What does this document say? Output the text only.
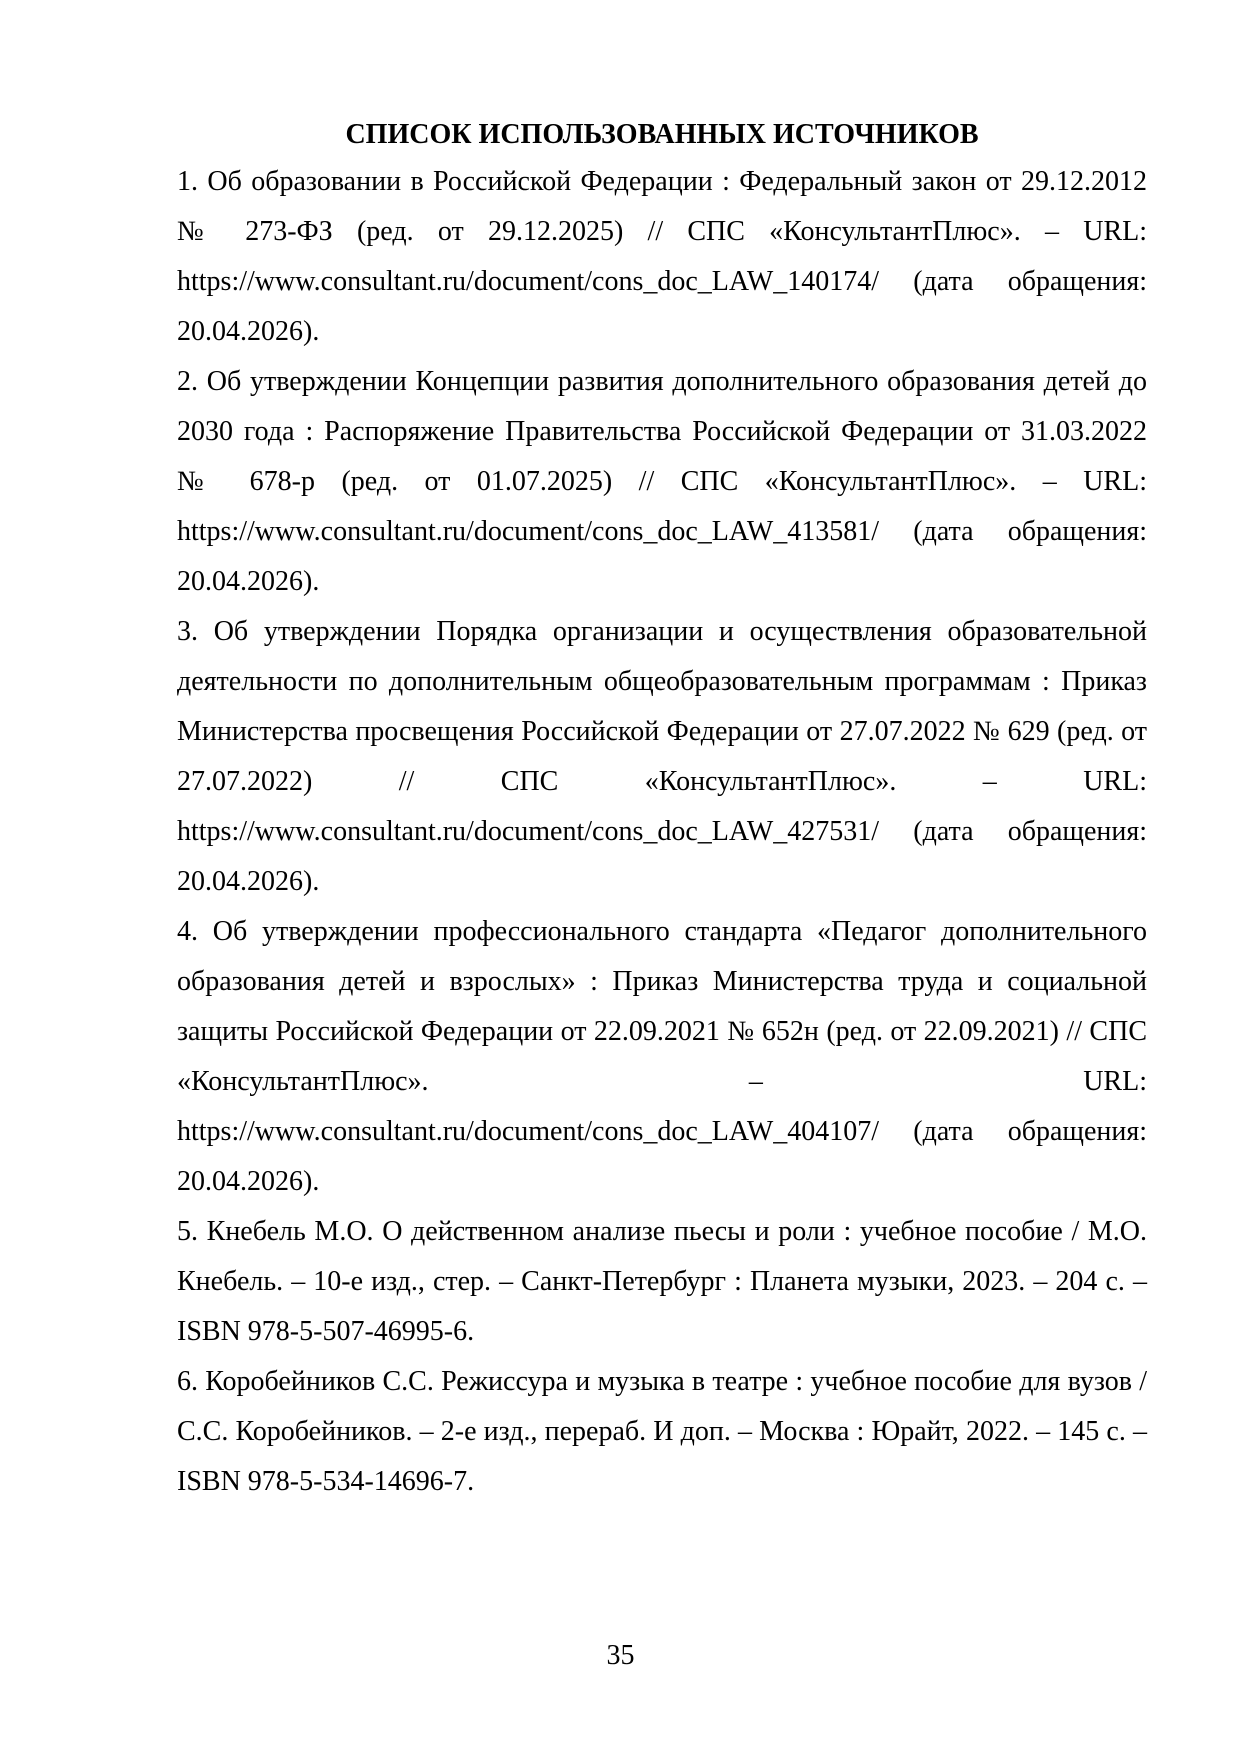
СПИСОК ИСПОЛЬЗОВАННЫХ ИСТОЧНИКОВ
1. Об образовании в Российской Федерации : Федеральный закон от 29.12.2012 № 273-ФЗ (ред. от 29.12.2025) // СПС «КонсультантПлюс». – URL: https://www.consultant.ru/document/cons_doc_LAW_140174/ (дата обращения: 20.04.2026).
2. Об утверждении Концепции развития дополнительного образования детей до 2030 года : Распоряжение Правительства Российской Федерации от 31.03.2022 № 678-р (ред. от 01.07.2025) // СПС «КонсультантПлюс». – URL: https://www.consultant.ru/document/cons_doc_LAW_413581/ (дата обращения: 20.04.2026).
3. Об утверждении Порядка организации и осуществления образовательной деятельности по дополнительным общеобразовательным программам : Приказ Министерства просвещения Российской Федерации от 27.07.2022 № 629 (ред. от 27.07.2022) // СПС «КонсультантПлюс». – URL: https://www.consultant.ru/document/cons_doc_LAW_427531/ (дата обращения: 20.04.2026).
4. Об утверждении профессионального стандарта «Педагог дополнительного образования детей и взрослых» : Приказ Министерства труда и социальной защиты Российской Федерации от 22.09.2021 № 652н (ред. от 22.09.2021) // СПС «КонсультантПлюс». – URL: https://www.consultant.ru/document/cons_doc_LAW_404107/ (дата обращения: 20.04.2026).
5. Кнебель М.О. О действенном анализе пьесы и роли : учебное пособие / М.О. Кнебель. – 10-е изд., стер. – Санкт-Петербург : Планета музыки, 2023. – 204 с. – ISBN 978-5-507-46995-6.
6. Коробейников С.С. Режиссура и музыка в театре : учебное пособие для вузов / С.С. Коробейников. – 2-е изд., перераб. И доп. – Москва : Юрайт, 2022. – 145 с. – ISBN 978-5-534-14696-7.
35
